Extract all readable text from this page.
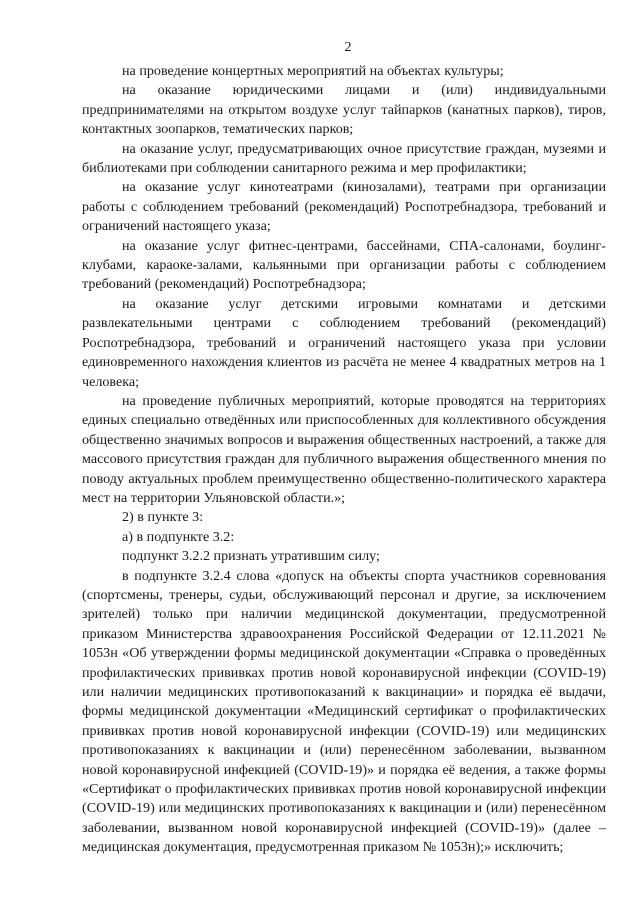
2

на проведение концертных мероприятий на объектах культуры;

на оказание юридическими лицами и (или) индивидуальными предпринимателями на открытом воздухе услуг тайпарков (канатных парков), тиров, контактных зоопарков, тематических парков;

на оказание услуг, предусматривающих очное присутствие граждан, музеями и библиотеками при соблюдении санитарного режима и мер профилактики;

на оказание услуг кинотеатрами (кинозалами), театрами при организации работы с соблюдением требований (рекомендаций) Роспотребнадзора, требований и ограничений настоящего указа;

на оказание услуг фитнес-центрами, бассейнами, СПА-салонами, боулинг-клубами, караоке-залами, кальянными при организации работы с соблюдением требований (рекомендаций) Роспотребнадзора;

на оказание услуг детскими игровыми комнатами и детскими развлекательными центрами с соблюдением требований (рекомендаций) Роспотребнадзора, требований и ограничений настоящего указа при условии единовременного нахождения клиентов из расчёта не менее 4 квадратных метров на 1 человека;

на проведение публичных мероприятий, которые проводятся на территориях единых специально отведённых или приспособленных для коллективного обсуждения общественно значимых вопросов и выражения общественных настроений, а также для массового присутствия граждан для публичного выражения общественного мнения по поводу актуальных проблем преимущественно общественно-политического характера мест на территории Ульяновской области.»;

2) в пункте 3:

а) в подпункте 3.2:

подпункт 3.2.2 признать утратившим силу;

в подпункте 3.2.4 слова «допуск на объекты спорта участников соревнования (спортсмены, тренеры, судьи, обслуживающий персонал и другие, за исключением зрителей) только при наличии медицинской документации, предусмотренной приказом Министерства здравоохранения Российской Федерации от 12.11.2021 № 1053н «Об утверждении формы медицинской документации «Справка о проведённых профилактических прививках против новой коронавирусной инфекции (COVID-19) или наличии медицинских противопоказаний к вакцинации» и порядка её выдачи, формы медицинской документации «Медицинский сертификат о профилактических прививках против новой коронавирусной инфекции (COVID-19) или медицинских противопоказаниях к вакцинации и (или) перенесённом заболевании, вызванном новой коронавирусной инфекцией (COVID-19)» и порядка её ведения, а также формы «Сертификат о профилактических прививках против новой коронавирусной инфекции (COVID-19) или медицинских противопоказаниях к вакцинации и (или) перенесённом заболевании, вызванном новой коронавирусной инфекцией (COVID-19)» (далее – медицинская документация, предусмотренная приказом № 1053н);» исключить;
